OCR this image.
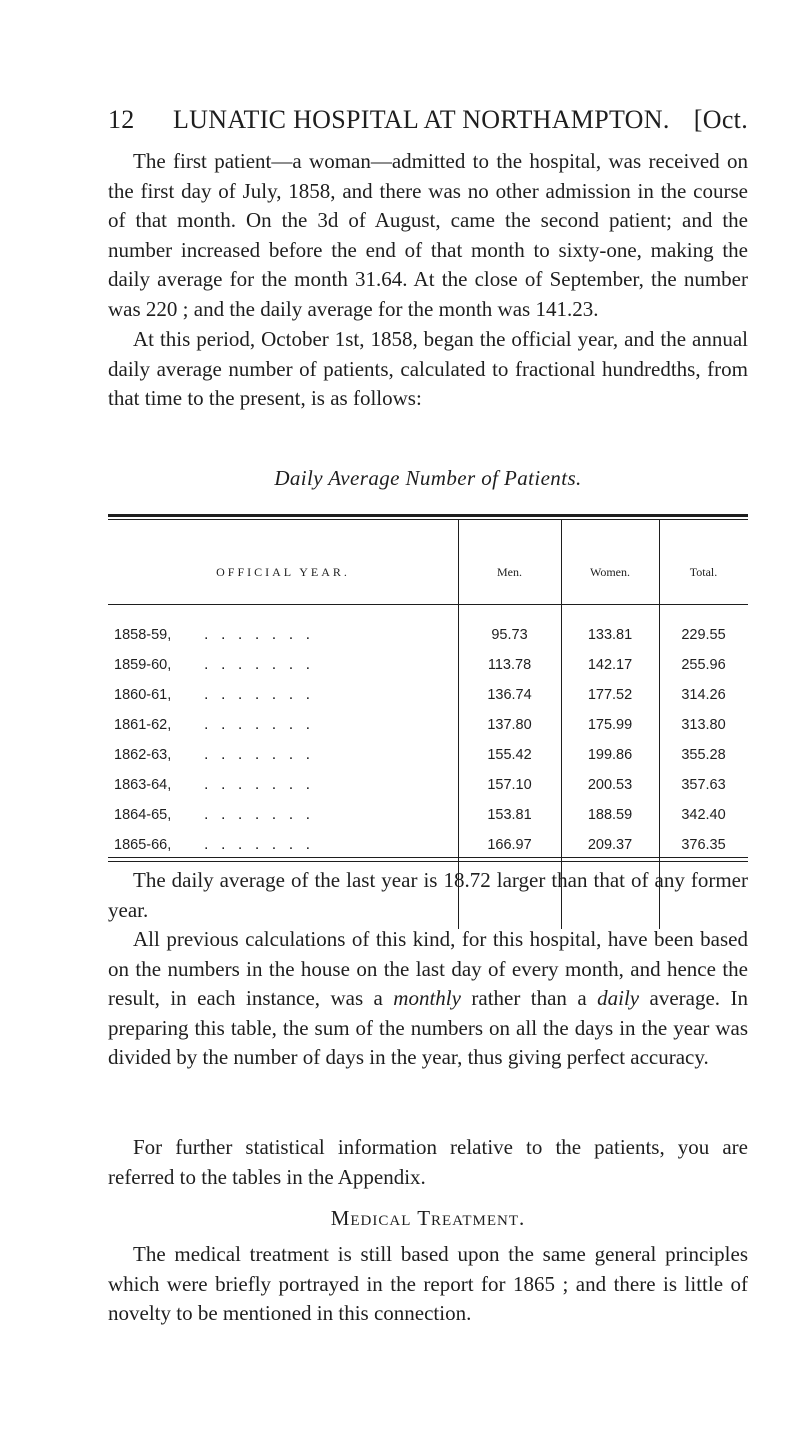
12 LUNATIC HOSPITAL AT NORTHAMPTON. [Oct.

The first patient—a woman—admitted to the hospital, was received on the first day of July, 1858, and there was no other admission in the course of that month. On the 3d of August, came the second patient; and the number increased before the end of that month to sixty-one, making the daily average for the month 31.64. At the close of September, the number was 220 ; and the daily average for the month was 141.23.

At this period, October 1st, 1858, began the official year, and the annual daily average number of patients, calculated to fractional hundredths, from that time to the present, is as follows:

Daily Average Number of Patients.
OFFICIAL YEAR.	Men.	Women.	Total.
1858-59, .......	95.73	133.81	229.55
1859-60, .......	113.78	142.17	255.96
1860-61, .......	136.74	177.52	314.26
1861-62, .......	137.80	175.99	313.80
1862-63, .......	155.42	199.86	355.28
1863-64, .......	157.10	200.53	357.63
1864-65, .......	153.81	188.59	342.40
1865-66, .......	166.97	209.37	376.35

The daily average of the last year is 18.72 larger than that of any former year.

All previous calculations of this kind, for this hospital, have been based on the numbers in the house on the last day of every month, and hence the result, in each instance, was a monthly rather than a daily average. In preparing this table, the sum of the numbers on all the days in the year was divided by the number of days in the year, thus giving perfect accuracy.

For further statistical information relative to the patients, you are referred to the tables in the Appendix.

Medical Treatment.

The medical treatment is still based upon the same general principles which were briefly portrayed in the report for 1865 ; and there is little of novelty to be mentioned in this connection.
